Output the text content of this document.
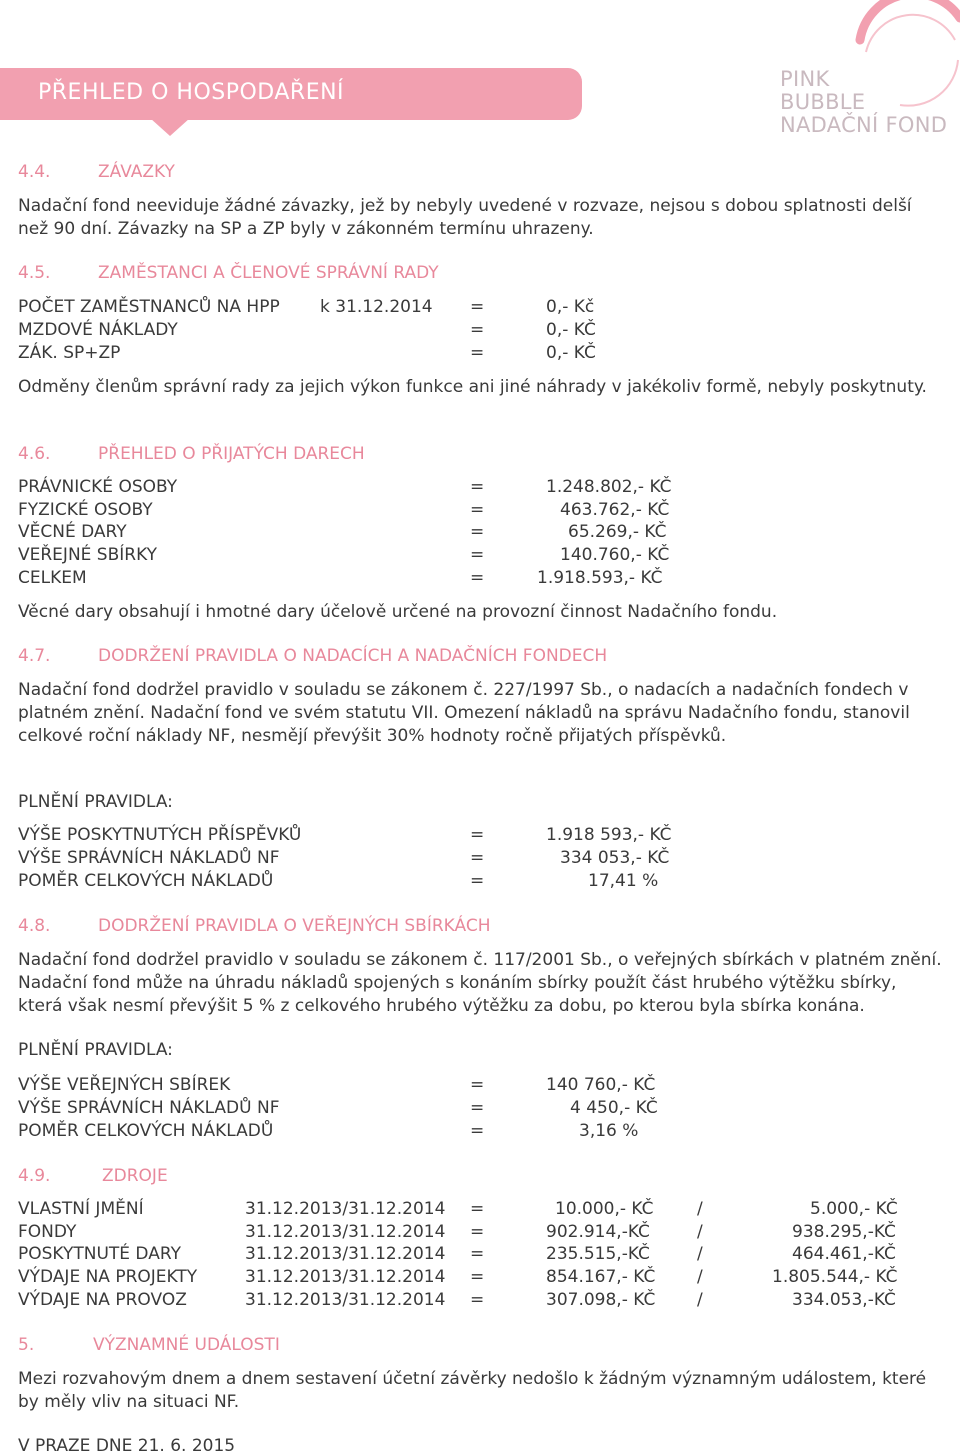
PŘEHLED O HOSPODAŘENÍ
PINK
BUBBLE
NADAČNÍ FOND
4.4.	ZÁVAZKY
Nadační fond neeviduje žádné závazky, jež by nebyly uvedené v rozvaze, nejsou s dobou splatnosti delší než 90 dní. Závazky na SP a ZP byly v zákonném termínu uhrazeny.
4.5.	ZAMĚSTANCI A ČLENOVÉ SPRÁVNÍ RADY
POČET ZAMĚSTNANCŮ NA HPP k 31.12.2014 =	0,- Kč
MZDOVÉ NÁKLADY	=	0,- KČ
ZÁK. SP+ZP	=	0,- KČ
Odměny členům správní rady za jejich výkon funkce ani jiné náhrady v jakékoliv formě, nebyly poskytnuty.
4.6.	PŘEHLED O PŘIJATÝCH DARECH
PRÁVNICKÉ OSOBY	=	1.248.802,- KČ
FYZICKÉ OSOBY	=	463.762,- KČ
VĚCNÉ DARY	=	65.269,- KČ
VEŘEJNÉ SBÍRKY	=	140.760,- KČ
CELKEM	=	1.918.593,- KČ
Věcné dary obsahují i hmotné dary účelově určené na provozní činnost Nadačního fondu.
4.7.	DODRŽENÍ PRAVIDLA O NADACÍCH A NADAČNÍCH FONDECH
Nadační fond dodržel pravidlo v souladu se zákonem č. 227/1997 Sb., o nadacích a nadačních fondech v platném znění. Nadační fond ve svém statutu VII. Omezení nákladů na správu Nadačního fondu, stanovil celkové roční náklady NF, nesmějí převýšit 30% hodnoty ročně přijatých příspěvků.
PLNĚNÍ PRAVIDLA:
VÝŠE POSKYTNUTÝCH PŘÍSPĚVKŮ	=	1.918 593,- KČ
VÝŠE SPRÁVNÍCH NÁKLADŮ NF	=	334 053,- KČ
POMĚR CELKOVÝCH NÁKLADŮ	=	17,41 %
4.8.	DODRŽENÍ PRAVIDLA O VEŘEJNÝCH SBÍRKÁCH
Nadační fond dodržel pravidlo v souladu se zákonem č. 117/2001 Sb., o veřejných sbírkách v platném znění. Nadační fond může na úhradu nákladů spojených s konáním sbírky použít část hrubého výtěžku sbírky, která však nesmí převýšit 5 % z celkového hrubého výtěžku za dobu, po kterou byla sbírka konána.
PLNĚNÍ PRAVIDLA:
VÝŠE VEŘEJNÝCH SBÍREK	=	140 760,- KČ
VÝŠE SPRÁVNÍCH NÁKLADŮ NF	=	4 450,- KČ
POMĚR CELKOVÝCH NÁKLADŮ	=	3,16 %
4.9.	ZDROJE
VLASTNÍ JMĚNÍ	31.12.2013/31.12.2014 =	10.000,- KČ	/	5.000,- KČ
FONDY	31.12.2013/31.12.2014 =	902.914,-KČ	/	938.295,-KČ
POSKYTNUTÉ DARY	31.12.2013/31.12.2014 =	235.515,-KČ	/	464.461,-KČ
VÝDAJE NA PROJEKTY	31.12.2013/31.12.2014 =	854.167,- KČ /	1.805.544,- KČ
VÝDAJE NA PROVOZ	31.12.2013/31.12.2014 =	307.098,- KČ /	334.053,-KČ
5.	VÝZNAMNÉ UDÁLOSTI
Mezi rozvahovým dnem a dnem sestavení účetní závěrky nedošlo k žádným významným událostem, které by měly vliv na situaci NF.
V PRAZE DNE 21. 6. 2015
